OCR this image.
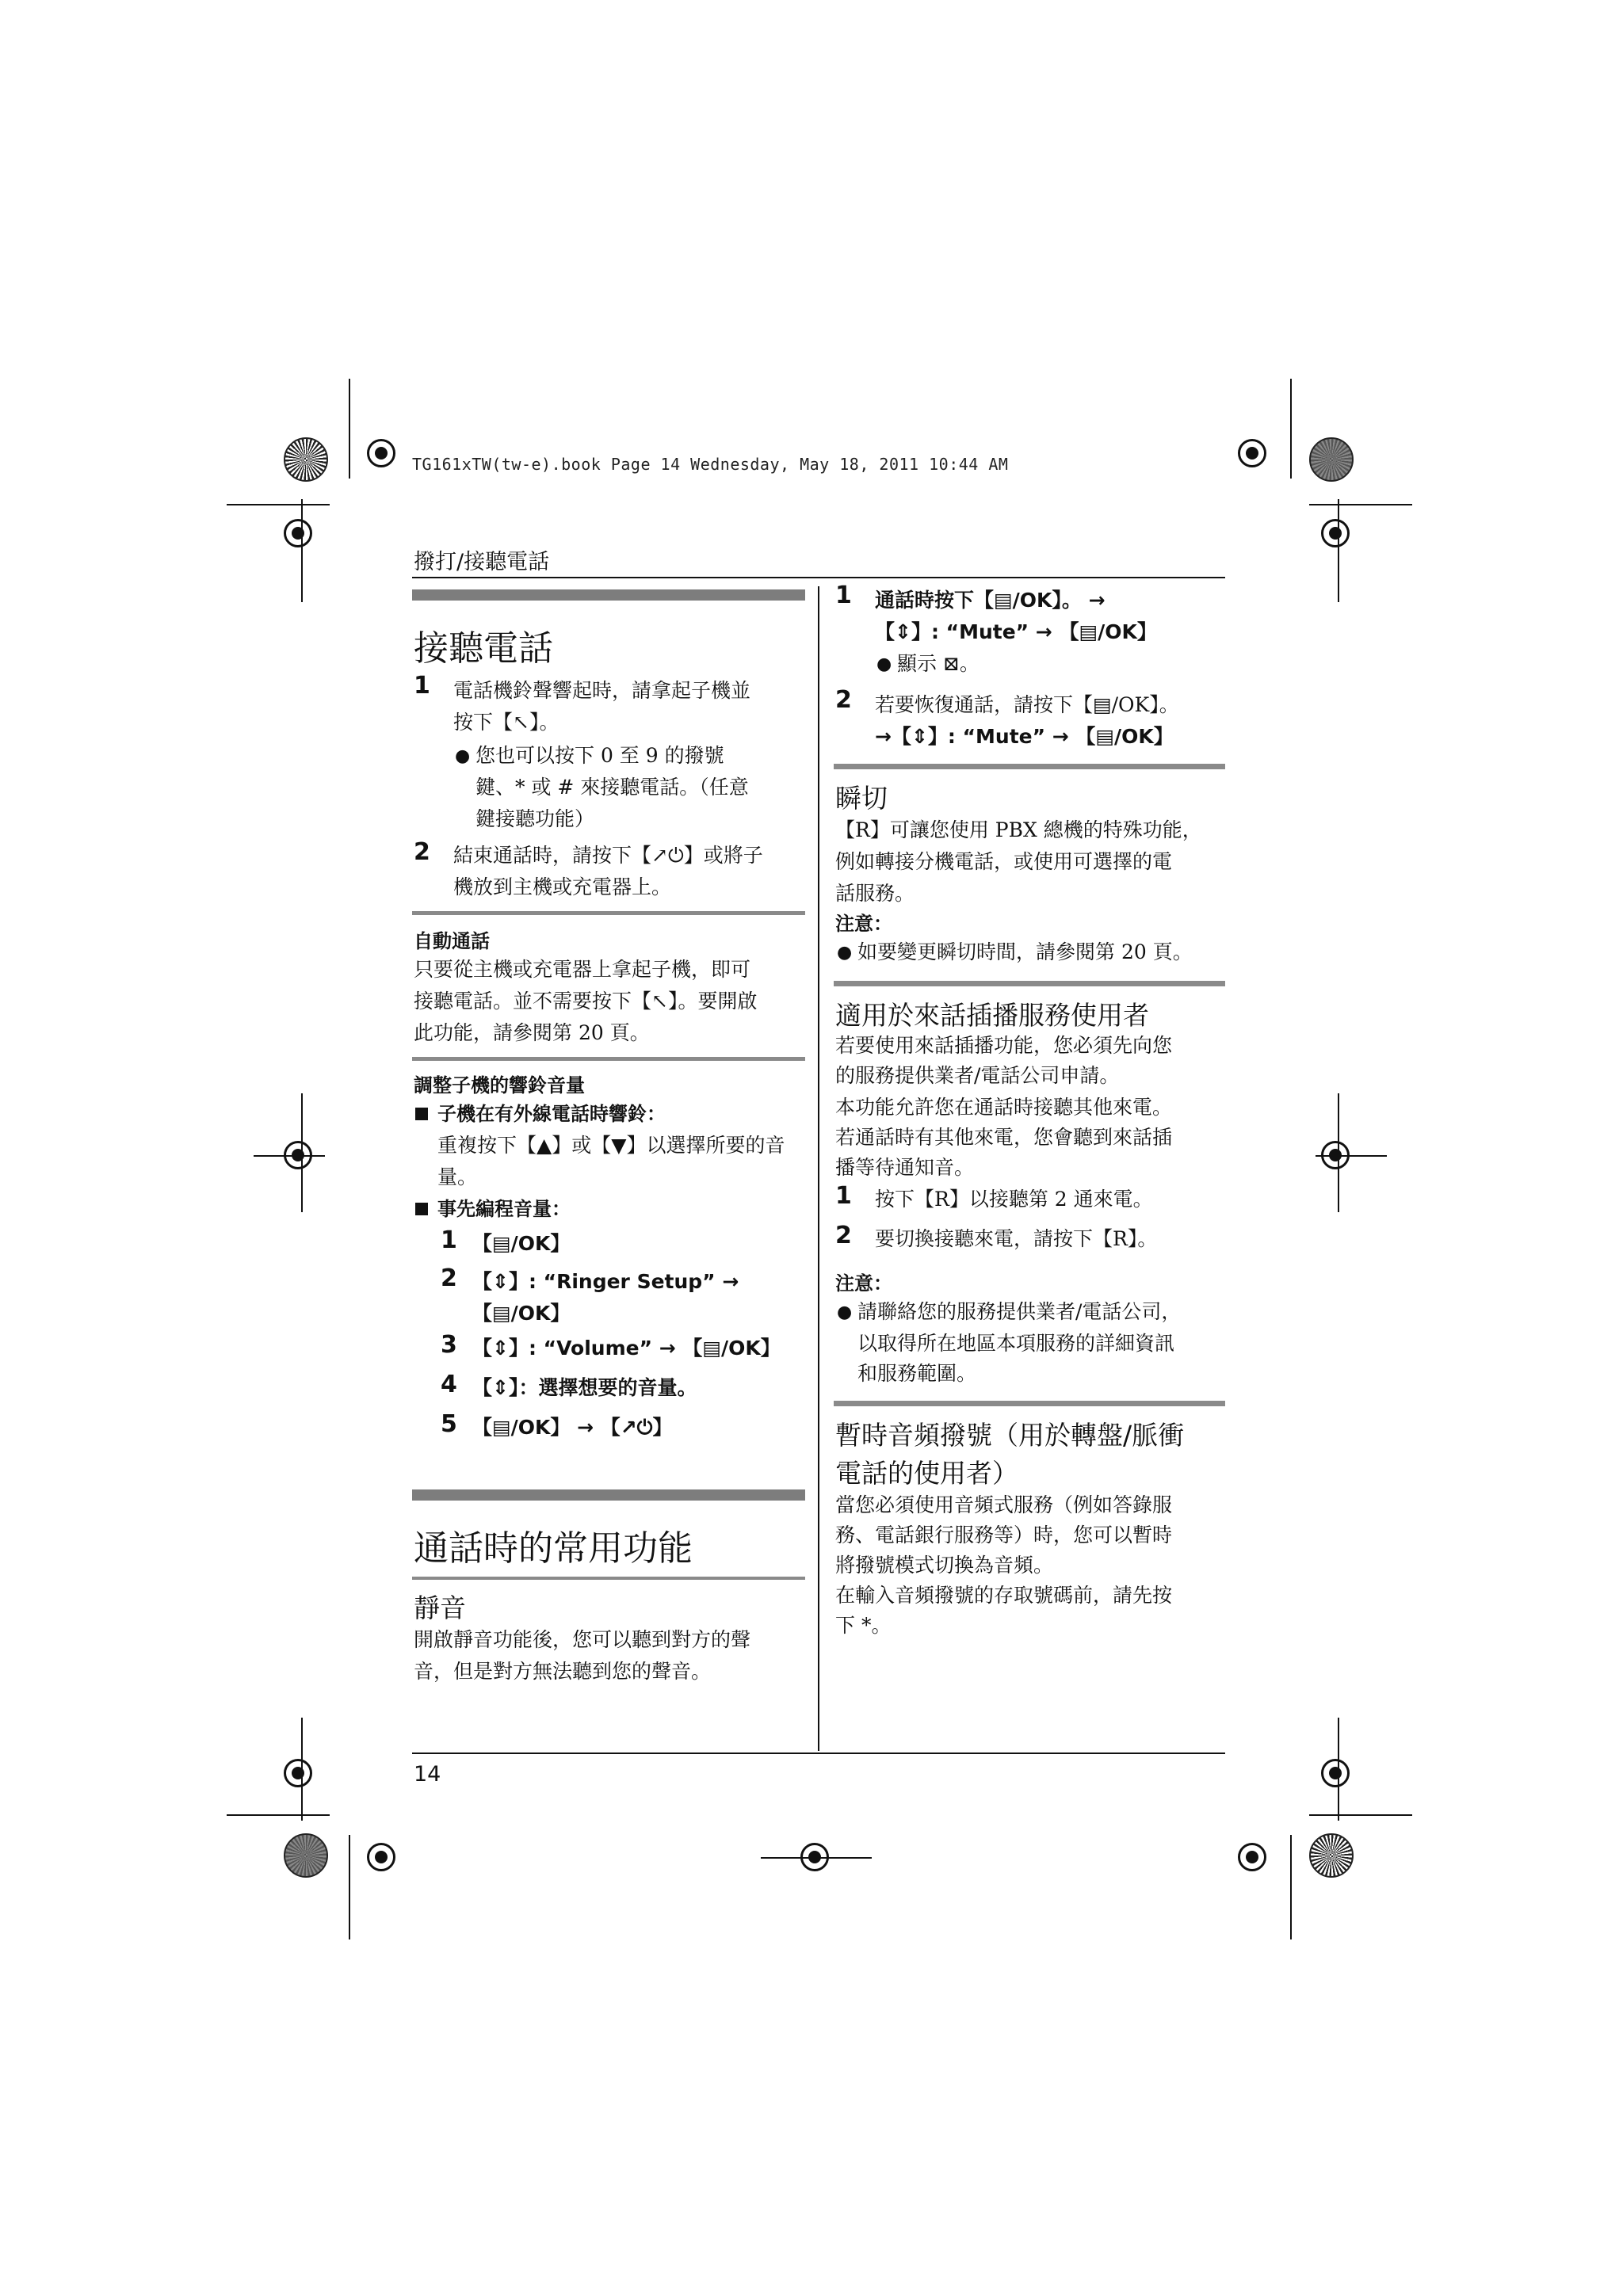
TG161xTW(tw-e).book Page 14 Wednesday, May 18, 2011 10:44 AM
撥打/接聽電話
接聽電話
1 電話機鈴聲響起時，請拿起子機並
按下【↖】。
● 您也可以按下 0 至 9 的撥號
鍵、* 或 # 來接聽電話。（任意
鍵接聽功能）
2 結束通話時，請按下【↗⏻】或將子
機放到主機或充電器上。
自動通話
只要從主機或充電器上拿起子機，即可
接聽電話。並不需要按下【↖】。要開啟
此功能，請參閱第 20 頁。
調整子機的響鈴音量
子機在有外線電話時響鈴：
重複按下【▲】或【▼】以選擇所要的音
量。
事先編程音量：
1 【▤/OK】
2 【⇕】: “Ringer Setup” →
【▤/OK】
3 【⇕】: “Volume” → 【▤/OK】
4 【⇕】：選擇想要的音量。
5 【▤/OK】 → 【↗⏻】
通話時的常用功能
靜音
開啟靜音功能後，您可以聽到對方的聲
音，但是對方無法聽到您的聲音。
1 通話時按下【▤/OK】。 →
【⇕】: “Mute” → 【▤/OK】
● 顯示 ⊠。
2 若要恢復通話，請按下【▤/OK】。
→【⇕】: “Mute” → 【▤/OK】
瞬切
【R】可讓您使用 PBX 總機的特殊功能，
例如轉接分機電話，或使用可選擇的電
話服務。
注意：
● 如要變更瞬切時間，請參閱第 20 頁。
適用於來話插播服務使用者
若要使用來話插播功能，您必須先向您
的服務提供業者/電話公司申請。
本功能允許您在通話時接聽其他來電。
若通話時有其他來電，您會聽到來話插
播等待通知音。
1 按下【R】以接聽第 2 通來電。
2 要切換接聽來電，請按下【R】。
注意：
● 請聯絡您的服務提供業者/電話公司，
以取得所在地區本項服務的詳細資訊
和服務範圍。
暫時音頻撥號（用於轉盤/脈衝
電話的使用者）
當您必須使用音頻式服務（例如答錄服
務、電話銀行服務等）時，您可以暫時
將撥號模式切換為音頻。
在輸入音頻撥號的存取號碼前，請先按
下 *。
14
